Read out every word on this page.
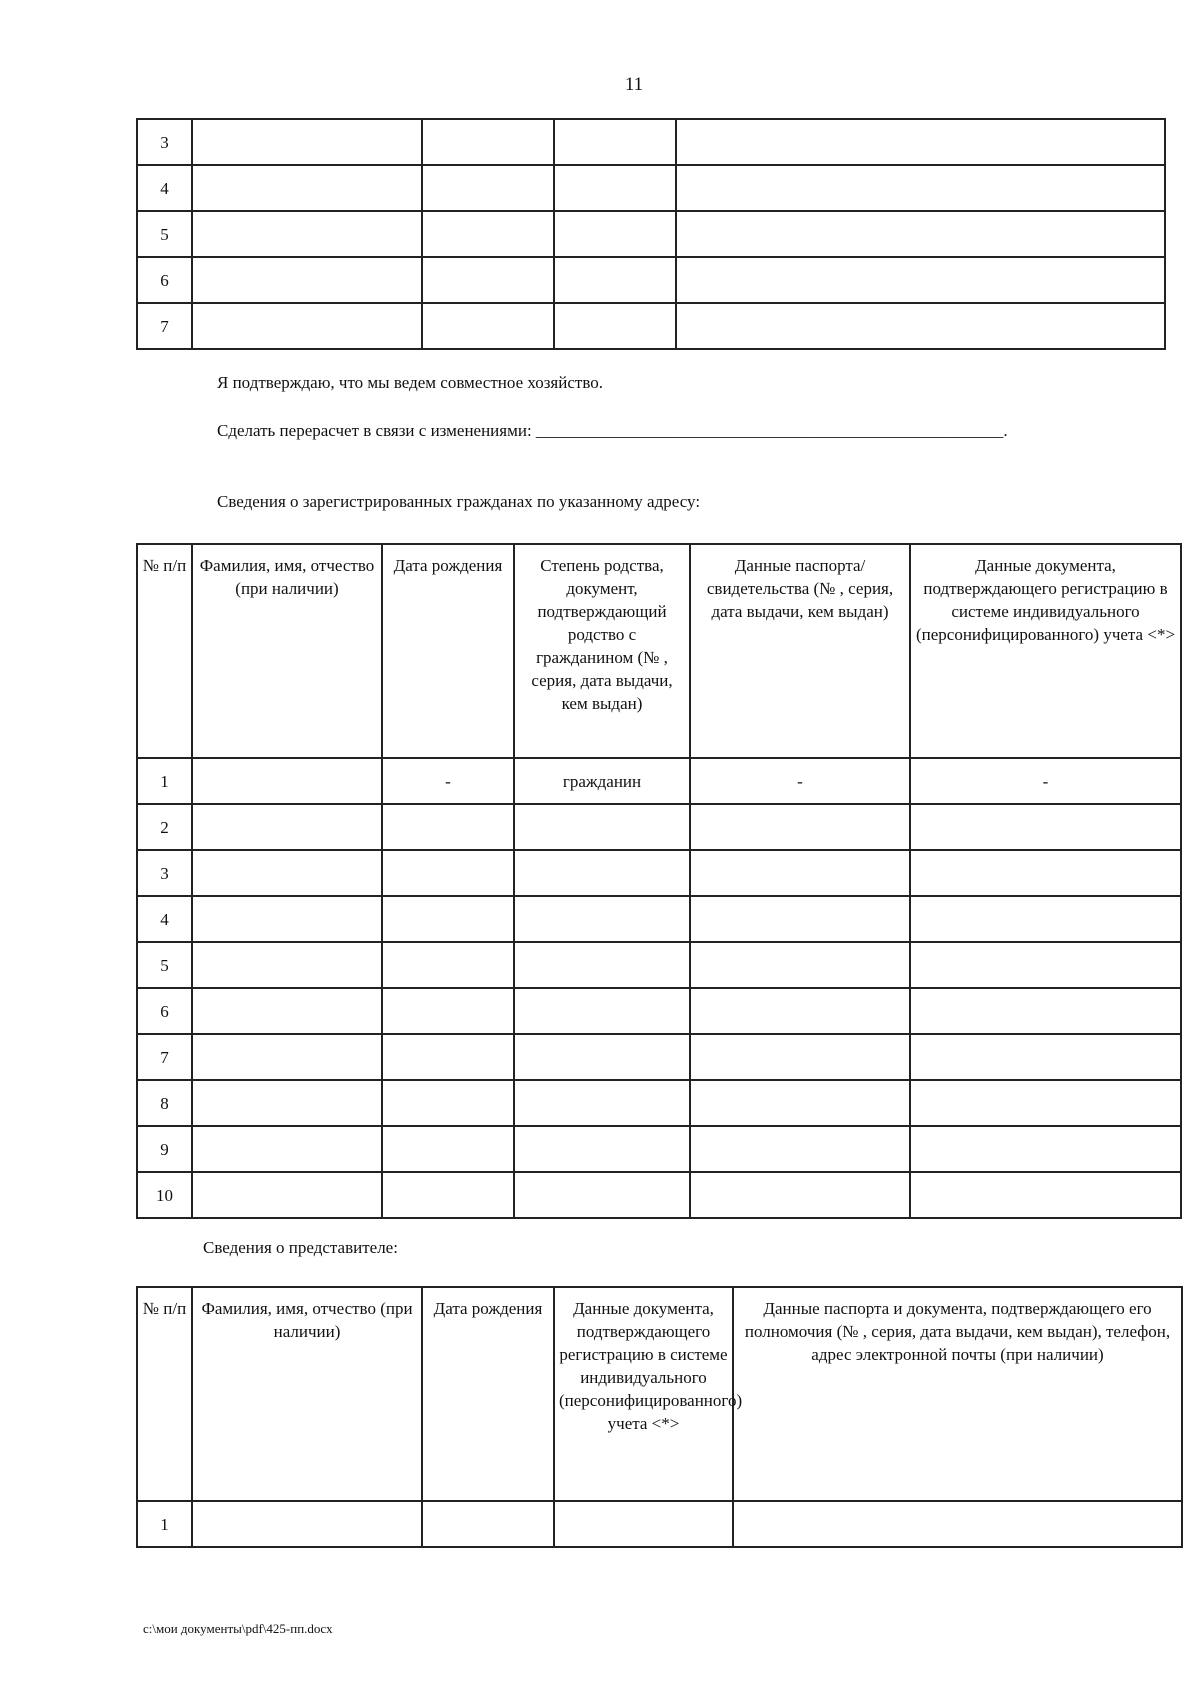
11
3				
4				
5				
6				
7				
Я подтверждаю, что мы ведем совместное хозяйство.
Сделать перерасчет в связи с изменениями: _______________________________________________________.
Сведения о зарегистрированных гражданах по указанному адресу:
№ п/п	Фамилия, имя, отчество (при наличии)	Дата рождения	Степень родства, документ, подтверждающий родство с гражданином (№ , серия, дата выдачи, кем выдан)	Данные паспорта/свидетельства (№ , серия, дата выдачи, кем выдан)	Данные документа, подтверждающего регистрацию в системе индивидуального (персонифицированного) учета <*>
1		-	гражданин	-	-
2					
3					
4					
5					
6					
7					
8					
9					
10					
Сведения о представителе:
№ п/п	Фамилия, имя, отчество (при наличии)	Дата рождения	Данные документа, подтверждающего регистрацию в системе индивидуального (персонифицированного) учета <*>	Данные паспорта и документа, подтверждающего его полномочия (№ , серия, дата выдачи, кем выдан), телефон, адрес электронной почты (при наличии)
1				
c:\мои документы\pdf\425-пп.docx
